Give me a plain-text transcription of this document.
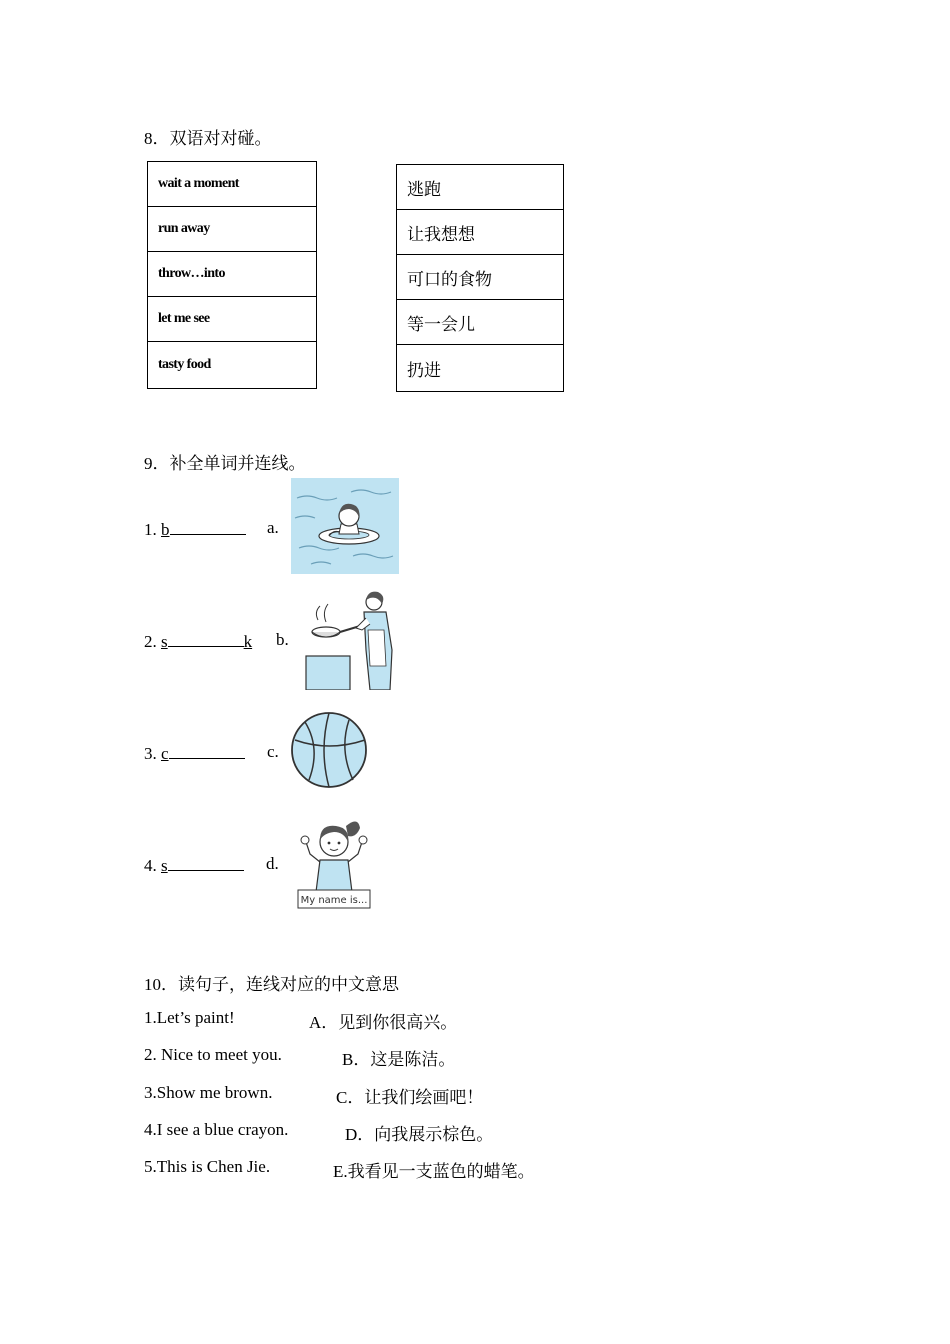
8．双语对对碰。
wait a moment
run away
throw…into
let me see
tasty food
逃跑
让我想想
可口的食物
等一会儿
扔进
9．补全单词并连线。
1. b	a.
2. s	k b.
3. c	c.
4. s	d.
My name is...
10．读句子，连线对应的中文意思
1.Let’s paint!	A．见到你很高兴。
2. Nice to meet you.	B．这是陈洁。
3.Show me brown.	C．让我们绘画吧！
4.I see a blue crayon.	D．向我展示棕色。
5.This is Chen Jie.	E.我看见一支蓝色的蜡笔。
